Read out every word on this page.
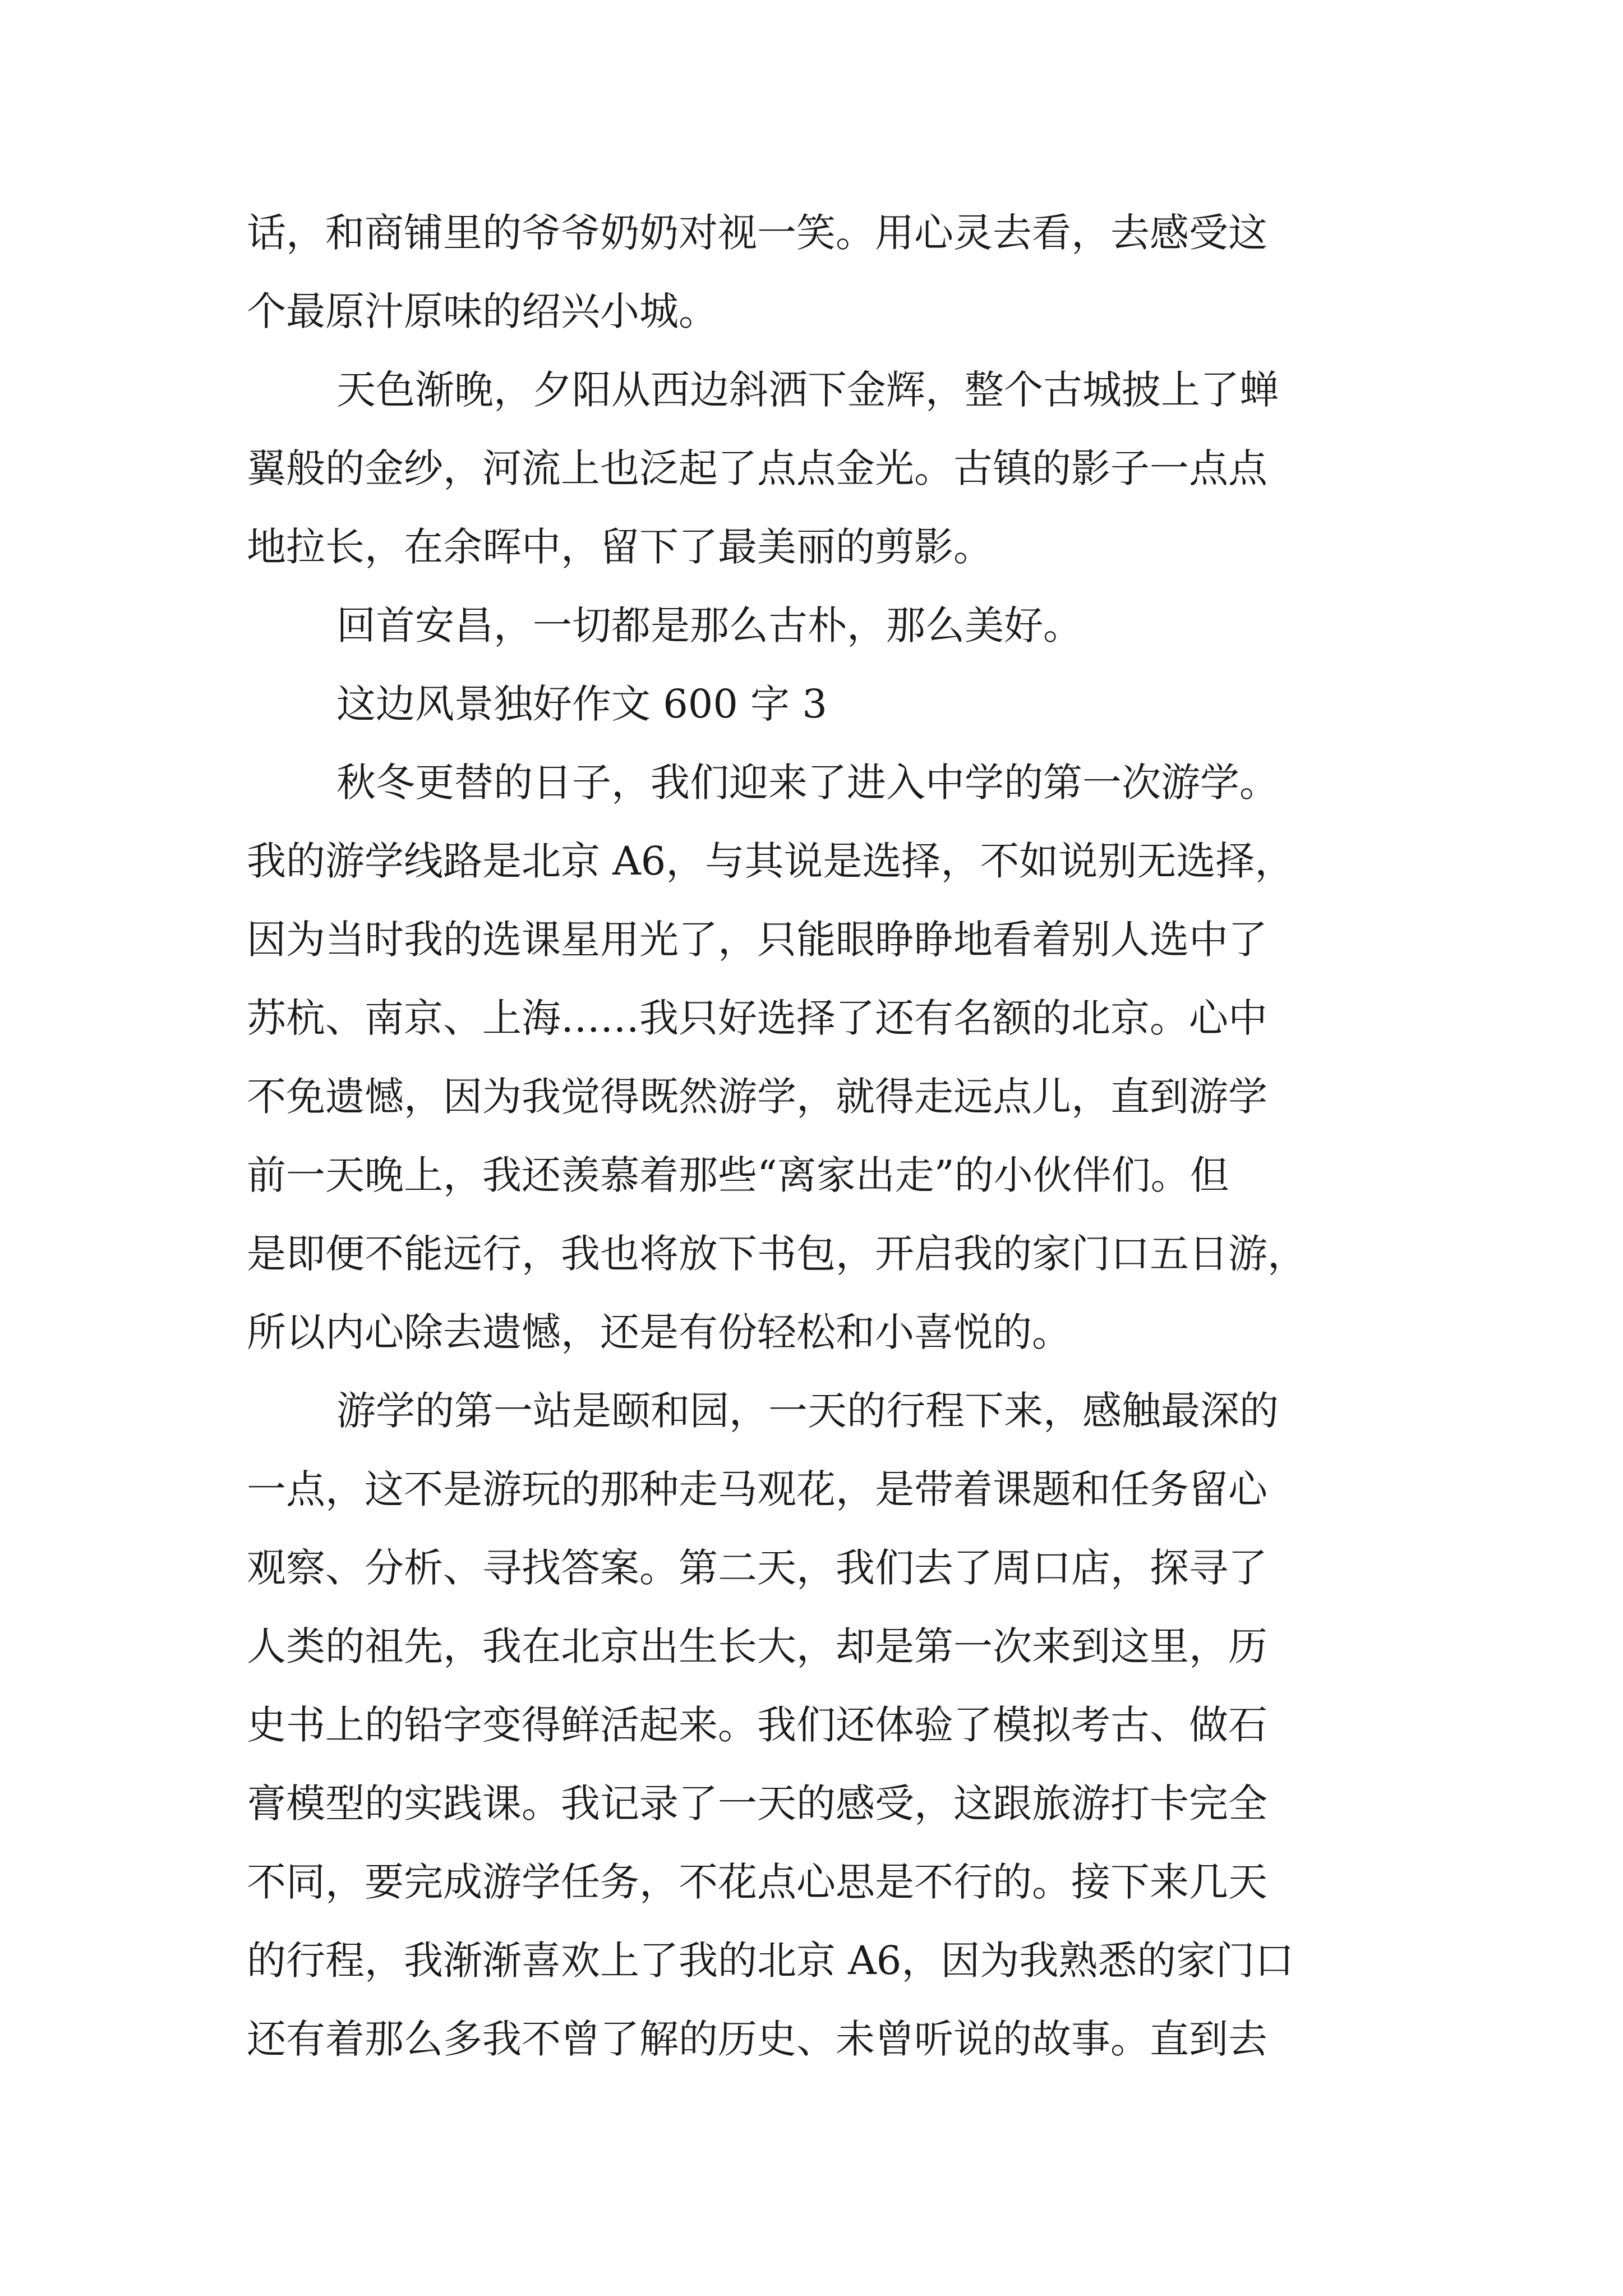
话，和商铺里的爷爷奶奶对视一笑。用心灵去看，去感受这
个最原汁原味的绍兴小城。
天色渐晚，夕阳从西边斜洒下金辉，整个古城披上了蝉
翼般的金纱，河流上也泛起了点点金光。古镇的影子一点点
地拉长，在余晖中，留下了最美丽的剪影。
回首安昌，一切都是那么古朴，那么美好。
这边风景独好作文 600 字 3
秋冬更替的日子，我们迎来了进入中学的第一次游学。
我的游学线路是北京 A6，与其说是选择，不如说别无选择，
因为当时我的选课星用光了，只能眼睁睁地看着别人选中了
苏杭、南京、上海……我只好选择了还有名额的北京。心中
不免遗憾，因为我觉得既然游学，就得走远点儿，直到游学
前一天晚上，我还羡慕着那些“离家出走”的小伙伴们。但
是即便不能远行，我也将放下书包，开启我的家门口五日游，
所以内心除去遗憾，还是有份轻松和小喜悦的。
游学的第一站是颐和园，一天的行程下来，感触最深的
一点，这不是游玩的那种走马观花，是带着课题和任务留心
观察、分析、寻找答案。第二天，我们去了周口店，探寻了
人类的祖先，我在北京出生长大，却是第一次来到这里，历
史书上的铅字变得鲜活起来。我们还体验了模拟考古、做石
膏模型的实践课。我记录了一天的感受，这跟旅游打卡完全
不同，要完成游学任务，不花点心思是不行的。接下来几天
的行程，我渐渐喜欢上了我的北京 A6，因为我熟悉的家门口
还有着那么多我不曾了解的历史、未曾听说的故事。直到去
